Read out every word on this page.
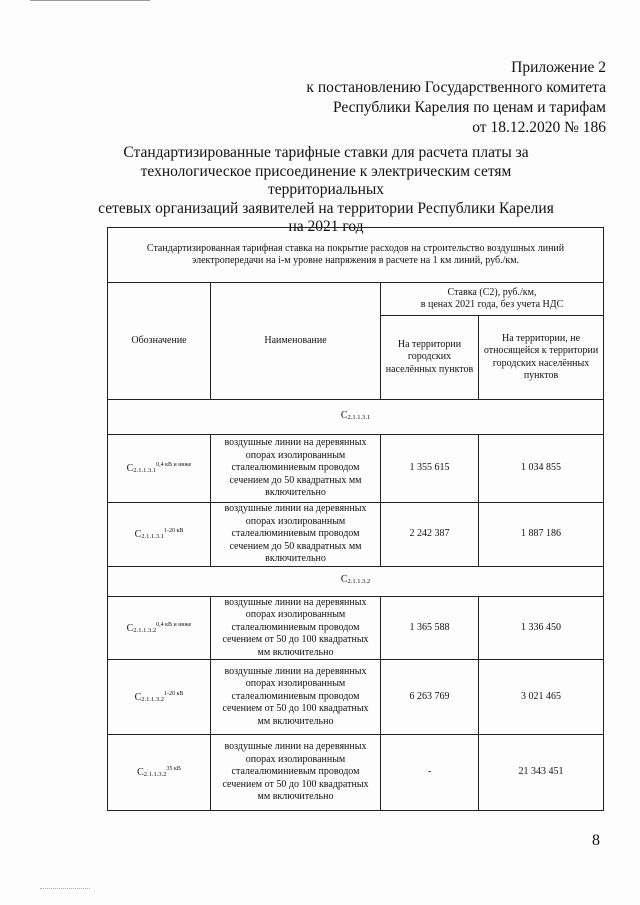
Приложение 2
к постановлению Государственного комитета
Республики Карелия по ценам и тарифам
от 18.12.2020 № 186
Стандартизированные тарифные ставки для расчета платы за
технологическое присоединение к электрическим сетям территориальных
сетевых организаций заявителей на территории Республики Карелия
на 2021 год
Стандартизированная тарифная ставка на покрытие расходов на строительство воздушных линий электропередачи на i-м уровне напряжения в расчете на 1 км линий, руб./км.			
Обозначение	Наименование	Ставка (С2), руб./км,
в ценах 2021 года, без учета НДС	

		На территории городских населённых пунктов	На территории, не относящейся к территории городских населённых пунктов
С2.1.1.3.1			
$С2.1.1.3.1^{0,4 кВ и ниже}$	воздушные линии на деревянных опорах изолированным сталеалюминиевым проводом сечением до 50 квадратных мм включительно	1 355 615	1 034 855
$С2.1.1.3.1^{1-20 кВ}$	воздушные линии на деревянных опорах изолированным сталеалюминиевым проводом сечением до 50 квадратных мм включительно	2 242 387	1 887 186
С2.1.1.3.2			
$С2.1.1.3.2^{0,4 кВ и ниже}$	воздушные линии на деревянных опорах изолированным сталеалюминиевым проводом сечением от 50 до 100 квадратных мм включительно	1 365 588	1 336 450
$С2.1.1.3.2^{1-20 кВ}$	воздушные линии на деревянных опорах изолированным сталеалюминиевым проводом сечением от 50 до 100 квадратных мм включительно	6 263 769	3 021 465
$С2.1.1.3.2^{35 кВ}$	воздушные линии на деревянных опорах изолированным сталеалюминиевым проводом сечением от 50 до 100 квадратных мм включительно	-	21 343 451
8
